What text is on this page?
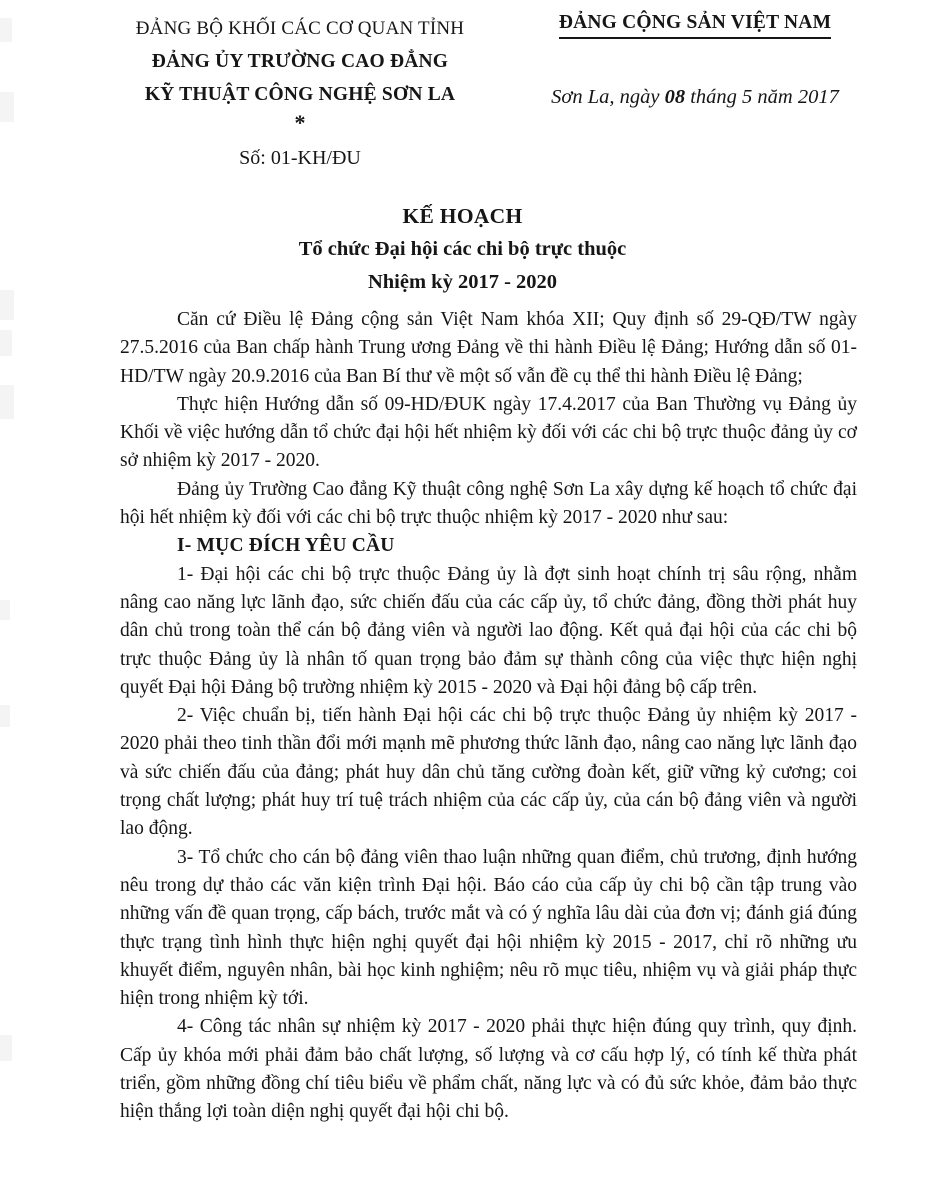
ĐẢNG BỘ KHỐI CÁC CƠ QUAN TỈNH
ĐẢNG ỦY TRƯỜNG CAO ĐẲNG
KỸ THUẬT CÔNG NGHỆ SƠN LA
*
Số: 01-KH/ĐU
ĐẢNG CỘNG SẢN VIỆT NAM
Sơn La, ngày 08 tháng 5 năm 2017
KẾ HOẠCH
Tổ chức Đại hội các chi bộ trực thuộc
Nhiệm kỳ 2017 - 2020

Căn cứ Điều lệ Đảng cộng sản Việt Nam khóa XII; Quy định số 29-QĐ/TW ngày 27.5.2016 của Ban chấp hành Trung ương Đảng về thi hành Điều lệ Đảng; Hướng dẫn số 01-HD/TW ngày 20.9.2016 của Ban Bí thư về một số vẫn đề cụ thể thi hành Điều lệ Đảng;

Thực hiện Hướng dẫn số 09-HD/ĐUK ngày 17.4.2017 của Ban Thường vụ Đảng ủy Khối về việc hướng dẫn tổ chức đại hội hết nhiệm kỳ đối với các chi bộ trực thuộc đảng ủy cơ sở nhiệm kỳ 2017 - 2020.

Đảng ủy Trường Cao đẳng Kỹ thuật công nghệ Sơn La xây dựng kế hoạch tổ chức đại hội hết nhiệm kỳ đối với các chi bộ trực thuộc nhiệm kỳ 2017 - 2020 như sau:

I- MỤC ĐÍCH YÊU CẦU

1- Đại hội các chi bộ trực thuộc Đảng ủy là đợt sinh hoạt chính trị sâu rộng, nhằm nâng cao năng lực lãnh đạo, sức chiến đấu của các cấp ủy, tổ chức đảng, đồng thời phát huy dân chủ trong toàn thể cán bộ đảng viên và người lao động. Kết quả đại hội của các chi bộ trực thuộc Đảng ủy là nhân tố quan trọng bảo đảm sự thành công của việc thực hiện nghị quyết Đại hội Đảng bộ trường nhiệm kỳ 2015 - 2020 và Đại hội đảng bộ cấp trên.

2- Việc chuẩn bị, tiến hành Đại hội các chi bộ trực thuộc Đảng ủy nhiệm kỳ 2017 - 2020 phải theo tinh thần đổi mới mạnh mẽ phương thức lãnh đạo, nâng cao năng lực lãnh đạo và sức chiến đấu của đảng; phát huy dân chủ tăng cường đoàn kết, giữ vững kỷ cương; coi trọng chất lượng; phát huy trí tuệ trách nhiệm của các cấp ủy, của cán bộ đảng viên và người lao động.

3- Tổ chức cho cán bộ đảng viên thao luận những quan điểm, chủ trương, định hướng nêu trong dự thảo các văn kiện trình Đại hội. Báo cáo của cấp ủy chi bộ cần tập trung vào những vấn đề quan trọng, cấp bách, trước mắt và có ý nghĩa lâu dài của đơn vị; đánh giá đúng thực trạng tình hình thực hiện nghị quyết đại hội nhiệm kỳ 2015 - 2017, chỉ rõ những ưu khuyết điểm, nguyên nhân, bài học kinh nghiệm; nêu rõ mục tiêu, nhiệm vụ và giải pháp thực hiện trong nhiệm kỳ tới.

4- Công tác nhân sự nhiệm kỳ 2017 - 2020 phải thực hiện đúng quy trình, quy định. Cấp ủy khóa mới phải đảm bảo chất lượng, số lượng và cơ cấu hợp lý, có tính kế thừa phát triển, gồm những đồng chí tiêu biểu về phẩm chất, năng lực và có đủ sức khỏe, đảm bảo thực hiện thắng lợi toàn diện nghị quyết đại hội chi bộ.
